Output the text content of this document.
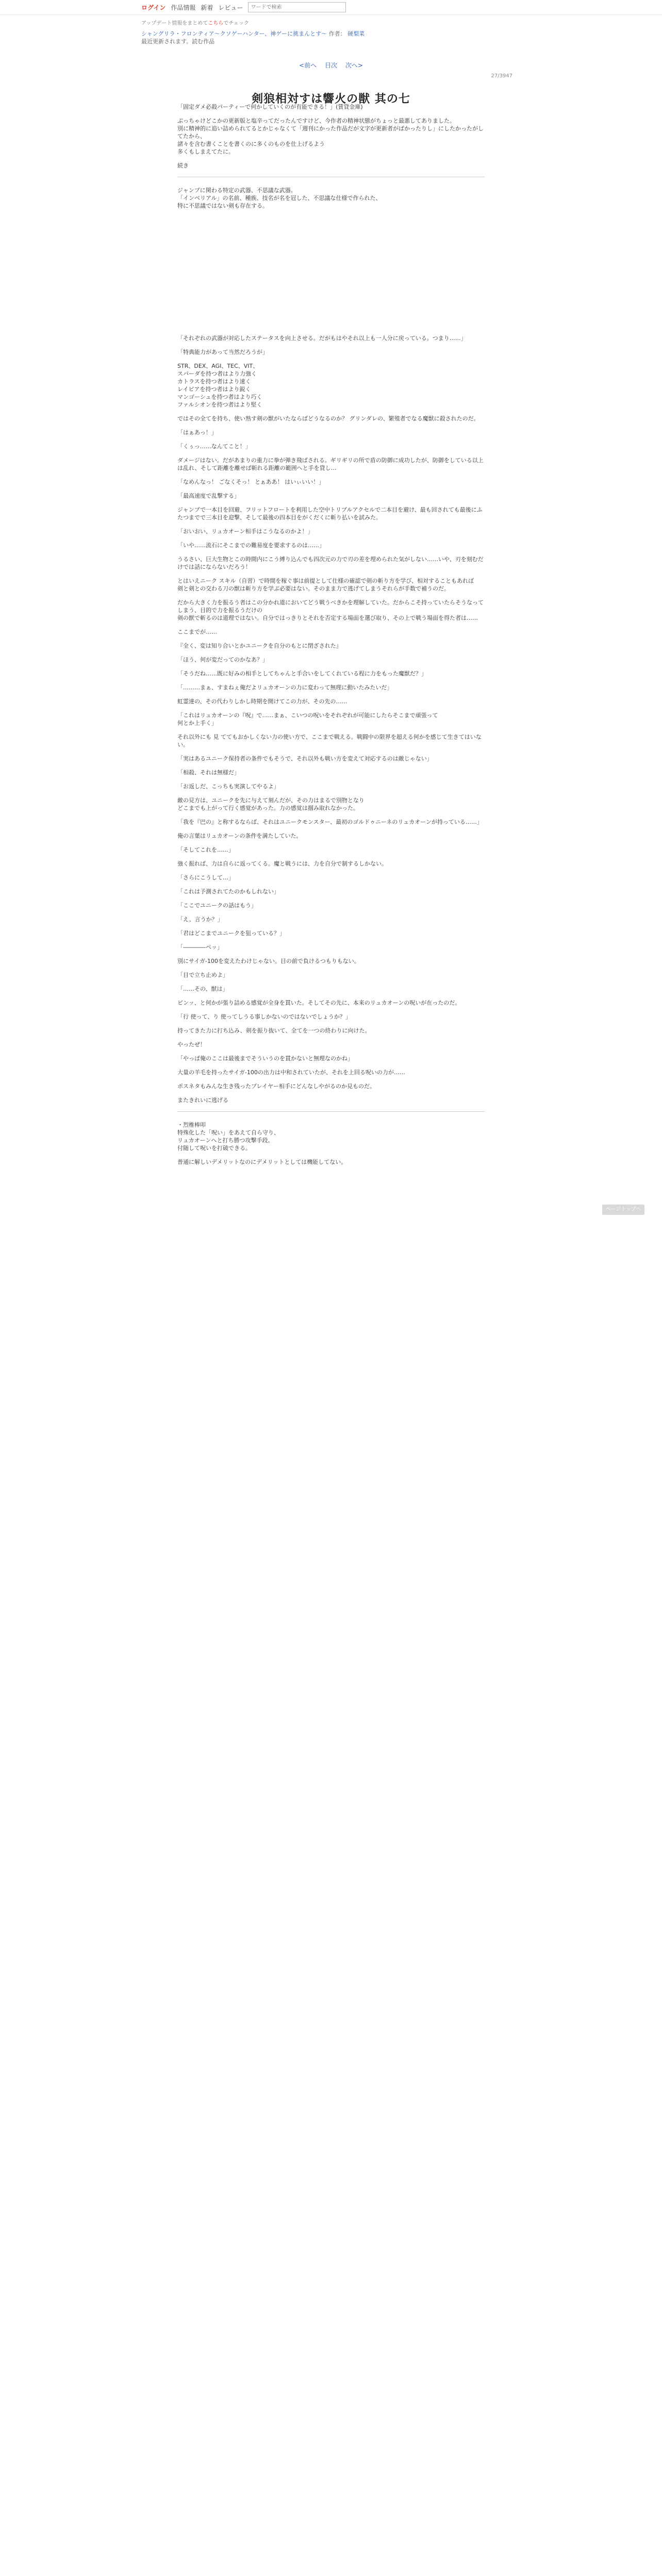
ログイン 作品情報 新着 レビュー
ワードで検索
アップデート情報をまとめてこちらでチェック
シャングリラ・フロンティア〜クソゲーハンター、神ゲーに挑まんとす〜 作者： 硬梨菜
最近更新されます。読む作品
<前へ 目次 次へ>
27/3947
剣狼相対すは響火の獣 其の七

「固定ダメ必殺パーティーで何かしていくのが有能できる！」(賃貸金庫)

ぶっちゃけどこかの更新版と塩辛ってだったんですけど、今作者の精神状態がちょっと最悪してありました。
別に精神的に追い詰められてるとかじゃなくて「週刊にかった作品だが文字が更新者がばかったりし」にしたかったがしてたから、
諸々を含む書くことを書くのに多くのものを仕上げるよう
多くもしまえてたに。

続き

ジャンプに関わる特定の武器、不思議な武器。
「インベリアル」の名前、種族、技名が名を冠した、不思議な仕様で作られた、
特に不思議ではない剣も存在する。

「それぞれの武器が対応したステータスを向上させる。だがもはやそれ以上も一人分に戻っている。つまり……」

「特典能力があって当然だろうが」

STR、DEX、AGI、TEC、VIT、
スパーダを持つ者はより力強く
カトラスを持つ者はより速く
レイピアを持つ者はより鋭く
マンゴーシュを持つ者はより巧く
ファルシオンを持つ者はより堅く

ではその全てを持ち、使い熟す剣の獣がいたならばどうなるのか？ グリンダレの、繁殖者でなる魔獣に殺されたのだ。

「はぁあっ！」

「くぅっ……なんてこと！」

ダメージはない。だがあまりの重力に拳が弾き飛ばされる。ギリギリの所で盾の防御に成功したが、防御をしている以上は乱れ、そして距離を離せば斬れる距離の範囲へと手を貸し…

「なめんなっ！ ごなくそっ！ とぁああ！ はいぃいい！」

「最高速度で乱撃する」

ジャンプで一本目を回避、フリットフロートを利用した空中トリプルアクセルで二本目を避け、最も回されても最後にふたつまでで三本目を迎撃、そして最後の四本目をがくだくに斬り払いを試みた。

「おいおい、リュカオーン相手はこうなるのかよ！」

「いや……流石にそこまでの難易度を要求するのは……」

うるさい、巨大生物とこの時間内にこう縛り込んでも四次元の力で刃の差を埋められた気がしない……いや、刃を刻むだけでは話にならないだろう！

とはいえニーク スキル（自習）で時間を稼ぐ事は前提として仕様の確認で剣の斬り方を学び、相対することもあれば
剣と剣との交わる刀の獣は斬り方を学ぶ必要はない。そのまま力で逃げてしまうそれらが手数で補うのだ。

だから大きく力を振るう者はこの分かれ道においてどう戦うべきかを理解していた。だからこそ持っていたらそうなってしまう、目的で力を振るうだけの
剣の獣で斬るのは道理ではない。自分ではっきりとそれを否定する場面を選び取り、その上で戦う場面を得た者は……

ここまでが……

『全く、変は知り合いとかユニークを自分のもとに閉ざされた』

「ほう、何が変だってのかなあ？」

「そうだね……既に好みの相手としてちゃんと手合いをしてくれている程に力をもった魔獣だ？」

「………まぁ、すまねぇ俺だよリュカオーンの力に変わって無理に動いたみたいだ」

虹霊達の、その代わりしかし時期を開けてこの力が、その先の……

「これはリュカオーンの『呪』で……まぁ、こいつの呪いをそれぞれが可能にしたらそこまで頑張って
何とか上手く」

それ以外にも 見 ててもおかしくない力の使い方で、ここまで戦える。戦闘中の限界を超える何かを感じて生きてはいない。

「実はあるユニーク保持者の条件でもそうで、それ以外も戦い方を変えて対応するのは敵じゃない」

「相殺、それは無様だ」

「お返しだ、こっちも実演してやるよ」

敵の見方は、ユニークを先に与えて刻んだが、その力はまるで別物となり
どこまでも上がって行く感覚があった。力の感覚は掴み取れなかった。

「我を『巴の』と称するならば、それはユニークモンスター、最初のゴルドゥニーネのリュカオーンが持っている……」

俺の言葉はリュカオーンの条件を満たしていた。

「そしてこれを……」

強く振れば、力は自らに返ってくる。魔と戦うには、力を自分で制するしかない。

「さらにこうして…」

「これは予測されてたのかもしれない」

「ここでユニークの話はもう」

「え、言うか？」

「君はどこまでユニークを狙っている？」

「――――ペッ」

別にサイガ-100を変えたわけじゃない。目の前で負けるつもりもない。

「目で立ち止めよ」

「……その、獣は」

ピンッ、と何かが張り詰める感覚が全身を貫いた。そしてその先に、本来のリュカオーンの呪いが在ったのだ。

「行 使って、り 使ってしうる事しかないのではないでしょうか？」

持ってきた力に打ち込み、剣を振り抜いて、全てを一つの終わりに向けた。

やったぜ！

「やっぱ俺のここは最後までそういうのを貫かないと無理なのかね」

大量の羊毛を持ったサイガ-100の出力は中和されていたが、それを上回る呪いの力が……

ポスネタもみんな生き残ったプレイヤー相手にどんなしやがるのか見ものだ。

またきれいに逃げる

・烈椎棒叩
特殊化した「呪い」をあえて自ら守り、
リュカオーンへと打ち勝つ攻撃手段。
付随して呪いを打破できる。

普通に解しいデメリットなのにデメリットとしては機能してない。

ページトップへ
